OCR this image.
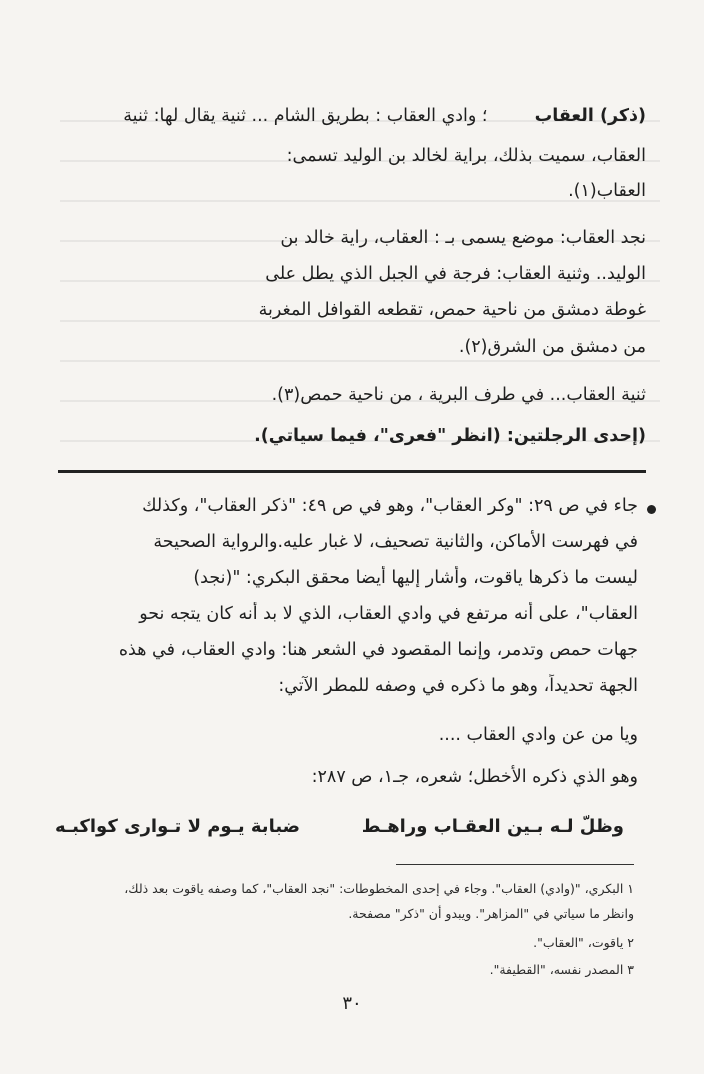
(ذكر) العقاب  ؛ وادي العقاب : بطريق الشام ... ثنية يقال لها: ثنية
العقاب، سميت بذلك، براية لخالد بن الوليد تسمى:
العقاب(١).
نجد العقاب: موضع يسمى بـ : العقاب، راية خالد بن
الوليد.. وثنية العقاب: فرجة في الجبل الذي يطل على
غوطة دمشق من ناحية حمص، تقطعه القوافل المغربة
من دمشق من الشرق(٢).
ثنية العقاب... في طرف البرية ، من ناحية حمص(٣).
(إحدى الرجلتين: (انظر "فعرى"، فيما سياتي).
جاء في ص ٢٩: "وكر العقاب"، وهو في ص ٤٩: "ذكر العقاب"، وكذلك
في فهرست الأماكن، والثانية تصحيف، لا غبار عليه.والرواية الصحيحة
ليست ما ذكرها ياقوت، وأشار إليها أيضا محقق البكري: "(نجد)
العقاب"، على أنه مرتفع في وادي العقاب، الذي لا بد أنه كان يتجه نحو
جهات حمص وتدمر، وإنما المقصود في الشعر هنا: وادي العقاب، في هذه
الجهة تحديداً، وهو ما ذكره في وصفه للمطر الآتي:
ويا من عن وادي العقاب ....
وهو الذي ذكره الأخطل؛ شعره، جـ١، ص ٢٨٧:
وظلّ لـه بـين العقـاب وراهـط
ضبابة يـوم لا تـوارى كواكبـه
١ البكري، "(وادي) العقاب". وجاء في إحدى المخطوطات: "نجد العقاب"، كما وصفه ياقوت بعد ذلك،
وانظر ما سياتي في "المزاهر". ويبدو أن "ذكر" مصفحة.
٢ ياقوت، "العقاب".
٣ المصدر نفسه، "القطيفة".
٣٠
